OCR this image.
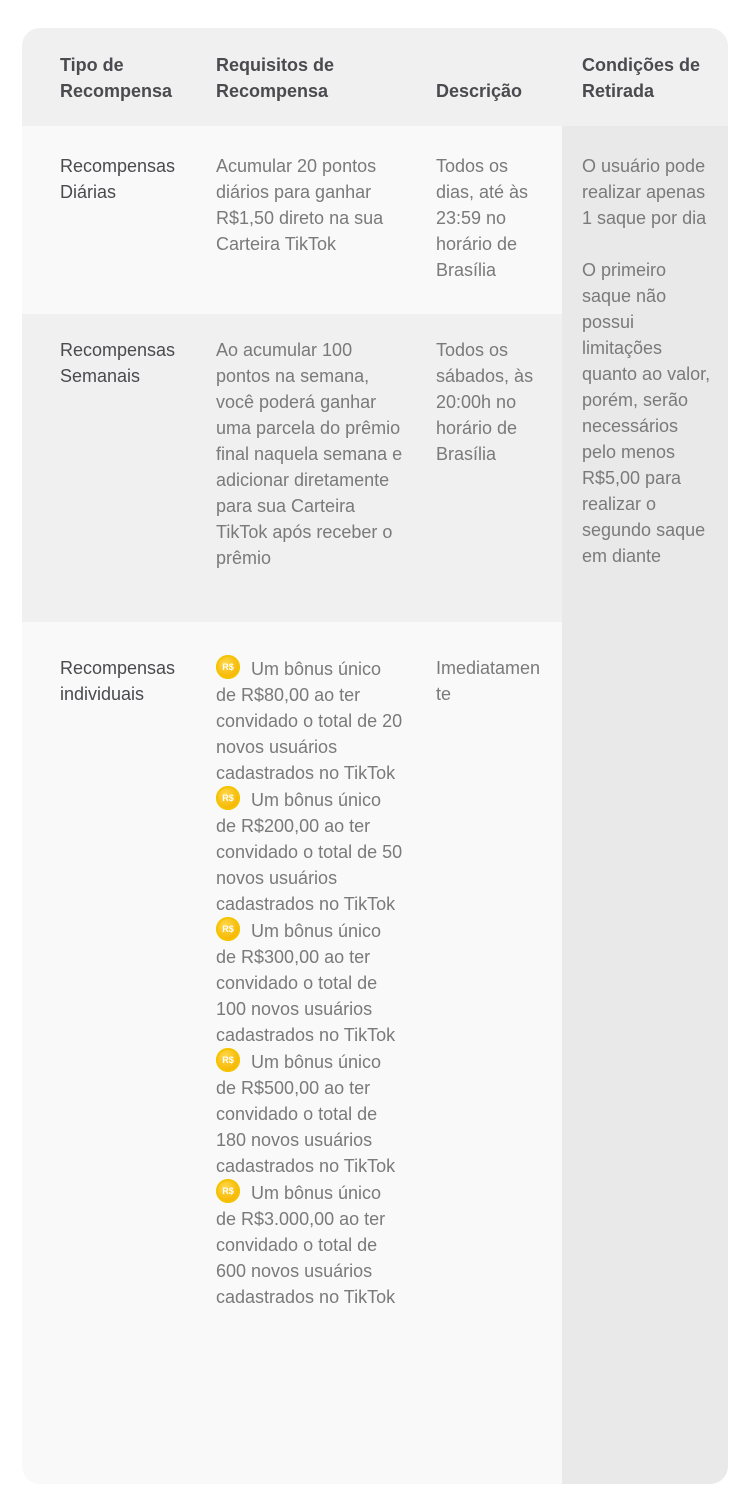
Tipo de Recompensa
Requisitos de Recompensa	Descrição
Condições de Retirada
Recompensas Diárias
Acumular 20 pontos diários para ganhar R$1,50 direto na sua Carteira TikTok
Todos os dias, até às 23:59 no horário de Brasília
Recompensas Semanais
Ao acumular 100 pontos na semana, você poderá ganhar uma parcela do prêmio final naquela semana e adicionar diretamente para sua Carteira TikTok após receber o prêmio
Todos os sábados, às 20:00h no horário de Brasília
Recompensas individuais
R$Um bônus único de R$80,00 ao ter convidado o total de 20 novos usuários cadastrados no TikTok
R$Um bônus único de R$200,00 ao ter convidado o total de 50 novos usuários cadastrados no TikTok
R$Um bônus único de R$300,00 ao ter convidado o total de 100 novos usuários cadastrados no TikTok
R$Um bônus único de R$500,00 ao ter convidado o total de 180 novos usuários cadastrados no TikTok
R$Um bônus único de R$3.000,00 ao ter convidado o total de 600 novos usuários cadastrados no TikTok
Imediatamente
O usuário pode realizar apenas 1 saque por dia
O primeiro saque não possui limitações quanto ao valor, porém, serão necessários pelo menos R$5,00 para realizar o segundo saque em diante
